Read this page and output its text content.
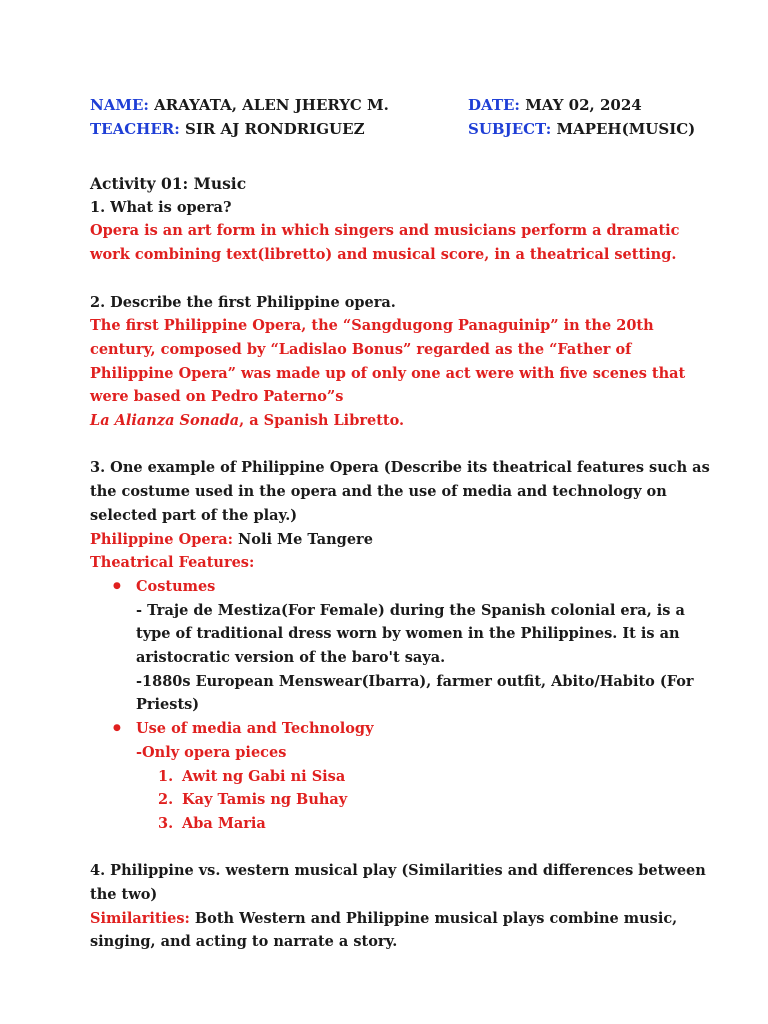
NAME: ARAYATA, ALEN JHERYC M.	DATE: MAY 02, 2024
TEACHER: SIR AJ RONDRIGUEZ	SUBJECT: MAPEH(MUSIC)
Activity 01: Music
1. What is opera?
Opera is an art form in which singers and musicians perform a dramatic work combining text(libretto) and musical score, in a theatrical setting.
2. Describe the first Philippine opera.
The first Philippine Opera, the “Sangdugong Panaguinip” in the 20th century, composed by “Ladislao Bonus” regarded as the “Father of Philippine Opera” was made up of only one act were with five scenes that were based on Pedro Paterno”s
La Alianza Sonada, a Spanish Libretto.
3. One example of Philippine Opera (Describe its theatrical features such as the costume used in the opera and the use of media and technology on selected part of the play.)
Philippine Opera: Noli Me Tangere
Theatrical Features:
● Costumes
- Traje de Mestiza(For Female) during the Spanish colonial era, is a type of traditional dress worn by women in the Philippines. It is an aristocratic version of the baro't saya.
-1880s European Menswear(Ibarra), farmer outfit, Abito/Habito (For Priests)
● Use of media and Technology
-Only opera pieces
1. Awit ng Gabi ni Sisa
2. Kay Tamis ng Buhay
3. Aba Maria
4. Philippine vs. western musical play (Similarities and differences between the two)
Similarities: Both Western and Philippine musical plays combine music, singing, and acting to narrate a story.
